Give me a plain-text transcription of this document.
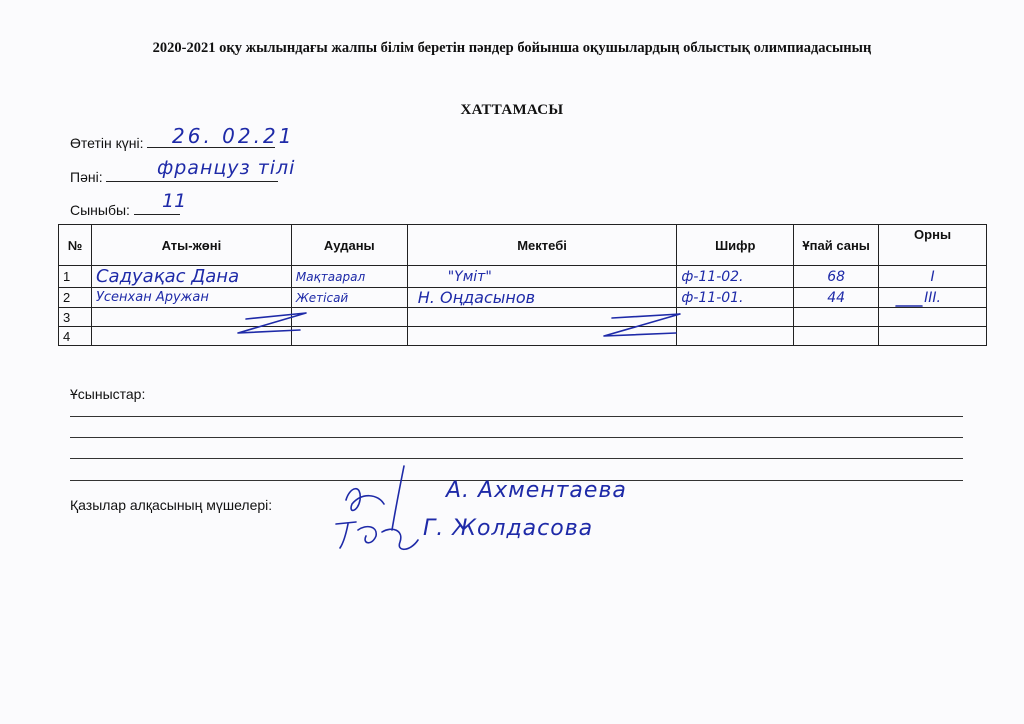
2020-2021 оқу жылындағы жалпы білім беретін пәндер бойынша оқушылардың облыстық олимпиадасының
ХАТТАМАСЫ
Өтетін күні:	26. 02.21
Пәні:	француз тілі
Сыныбы:	11
№	Аты-жөні	Ауданы	Мектебі	Шифр	Ұпай саны	Орны
1	Садуақас Дана	Мақтаарал	"Үміт"	ф-11-02.	68	I
2	Усенхан Аружан	Жетісай	Н. Оңдасынов	ф-11-01.	44	III.
3						
4						
Ұсыныстар:
Қазылар алқасының мүшелері:
А. Ахментаева
Г. Жолдасова
